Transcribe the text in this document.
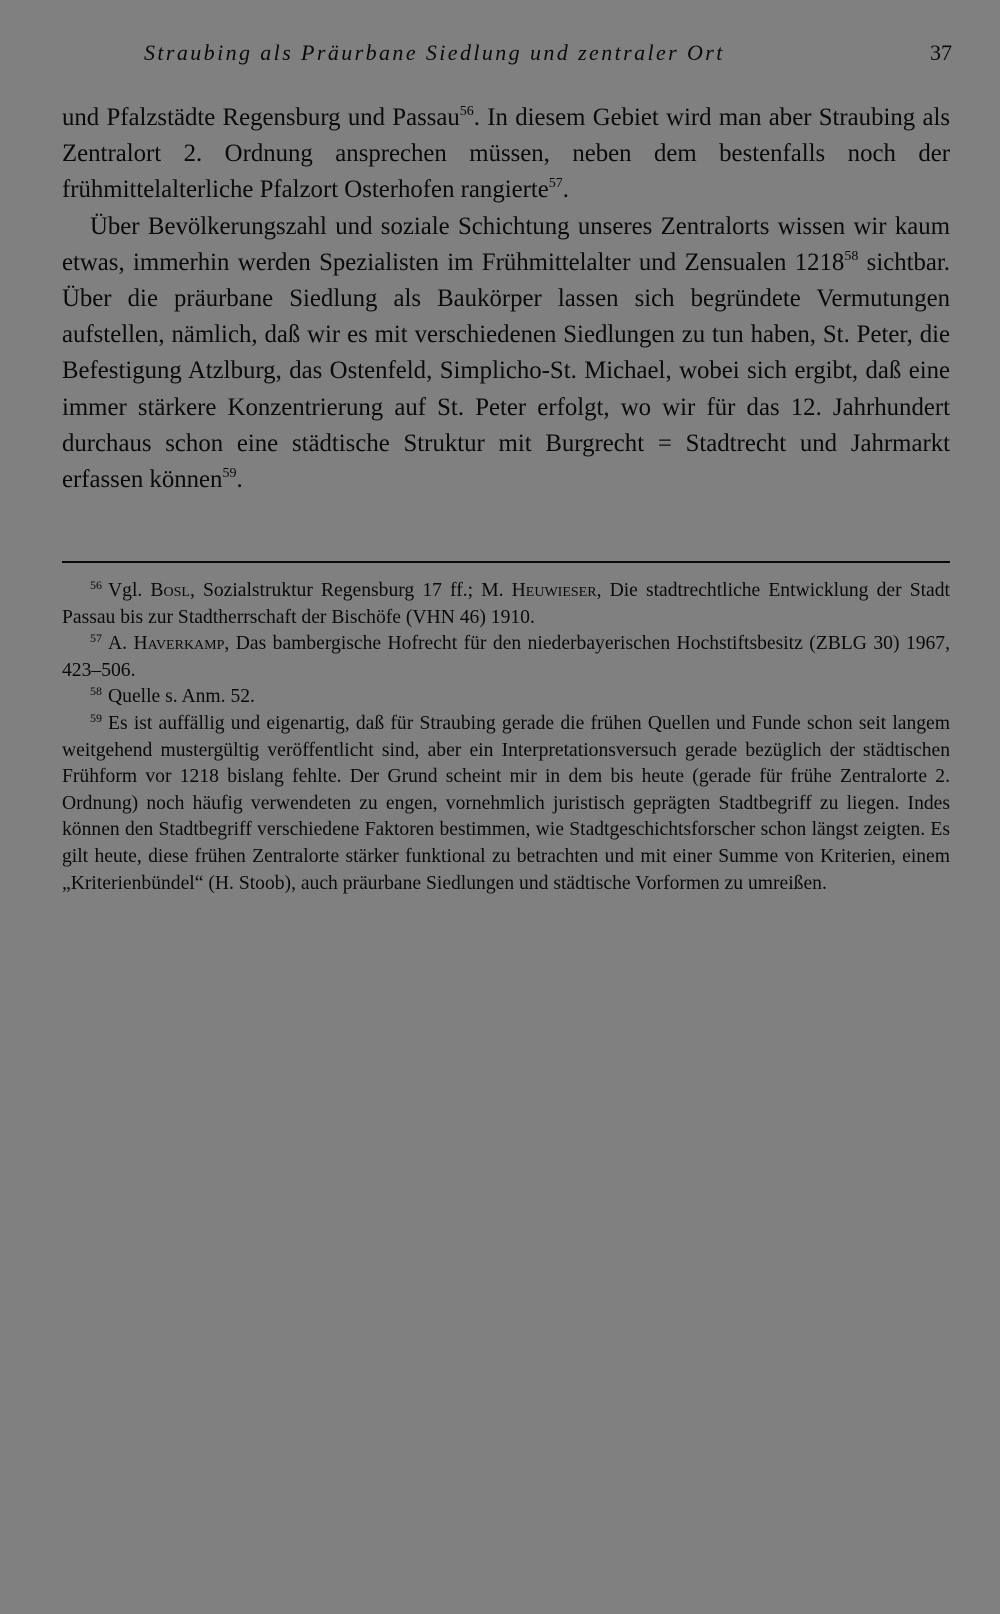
Straubing als Präurbane Siedlung und zentraler Ort	37

und Pfalzstädte Regensburg und Passau$^{56}$. In diesem Gebiet wird man aber Straubing als Zentralort 2. Ordnung ansprechen müssen, neben dem bestenfalls noch der frühmittelalterliche Pfalzort Osterhofen rangierte$^{57}$.

Über Bevölkerungszahl und soziale Schichtung unseres Zentralorts wissen wir kaum etwas, immerhin werden Spezialisten im Frühmittelalter und Zensualen 1218$^{58}$ sichtbar. Über die präurbane Siedlung als Baukörper lassen sich begründete Vermutungen aufstellen, nämlich, daß wir es mit verschiedenen Siedlungen zu tun haben, St. Peter, die Befestigung Atzlburg, das Ostenfeld, Simplicho-St. Michael, wobei sich ergibt, daß eine immer stärkere Konzentrierung auf St. Peter erfolgt, wo wir für das 12. Jahrhundert durchaus schon eine städtische Struktur mit Burgrecht = Stadtrecht und Jahrmarkt erfassen können$^{59}$.

$^{56}$ Vgl. Bosl, Sozialstruktur Regensburg 17 ff.; M. Heuwieser, Die stadtrechtliche Entwicklung der Stadt Passau bis zur Stadtherrschaft der Bischöfe (VHN 46) 1910.

$^{57}$ A. Haverkamp, Das bambergische Hofrecht für den niederbayerischen Hochstiftsbesitz (ZBLG 30) 1967, 423–506.

$^{58}$ Quelle s. Anm. 52.

$^{59}$ Es ist auffällig und eigenartig, daß für Straubing gerade die frühen Quellen und Funde schon seit langem weitgehend mustergültig veröffentlicht sind, aber ein Interpretationsversuch gerade bezüglich der städtischen Frühform vor 1218 bislang fehlte. Der Grund scheint mir in dem bis heute (gerade für frühe Zentralorte 2. Ordnung) noch häufig verwendeten zu engen, vornehmlich juristisch geprägten Stadtbegriff zu liegen. Indes können den Stadtbegriff verschiedene Faktoren bestimmen, wie Stadtgeschichtsforscher schon längst zeigten. Es gilt heute, diese frühen Zentralorte stärker funktional zu betrachten und mit einer Summe von Kriterien, einem „Kriterienbündel“ (H. Stoob), auch präurbane Siedlungen und städtische Vorformen zu umreißen.
